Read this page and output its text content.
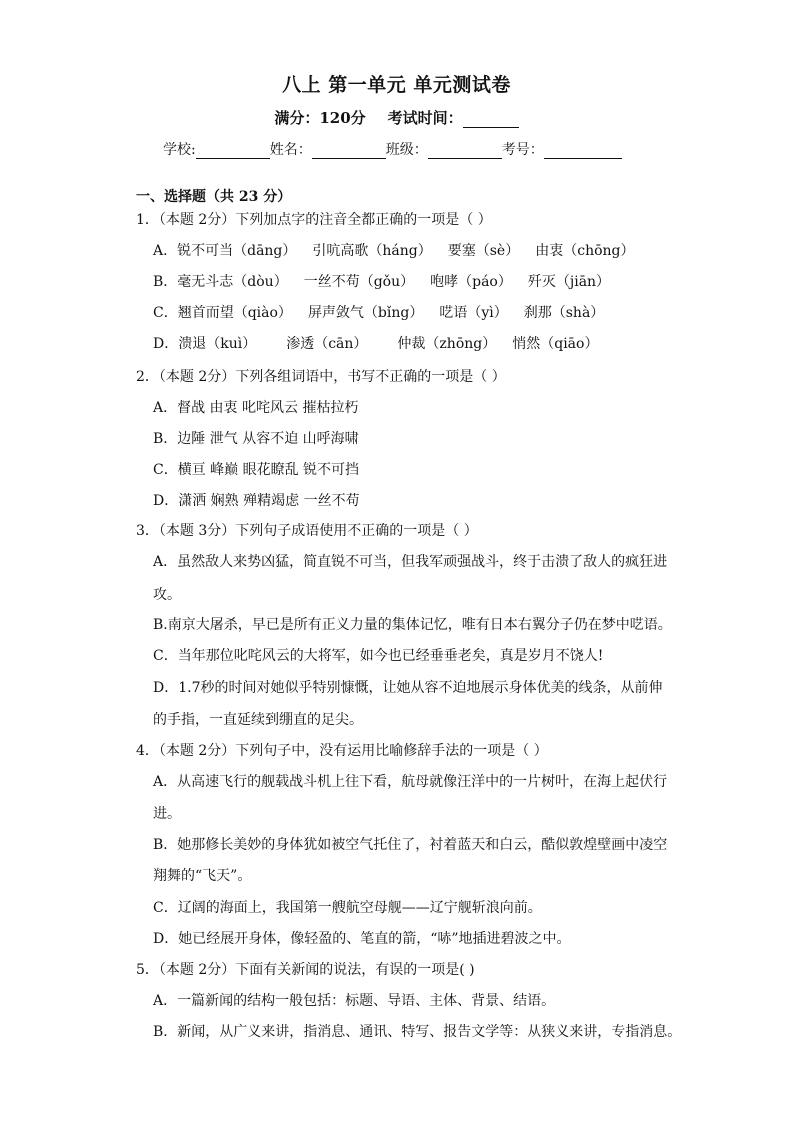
八上 第一单元 单元测试卷
满分：120分 考试时间：
学校:	姓名：	班级：	考号：
一、选择题（共 23 分）
1．（本题 2分）下列加点字的注音全都正确的一项是（ ）
A．锐不可当（dāng） 引吭高歌（háng） 要塞（sè） 由衷（chōng）
B．毫无斗志（dòu） 一丝不苟（gǒu） 咆哮（páo） 歼灭（jiān）
C．翘首而望（qiào） 屏声敛气（bǐng） 呓语（yì） 刹那（shà）
D．溃退（kuì） 渗透（cān） 仲裁（zhōng） 悄然（qiāo）
2．（本题 2分）下列各组词语中，书写不正确的一项是（ ）
A．督战 由衷 叱咤风云 摧枯拉朽
B．边陲 泄气 从容不迫 山呼海啸
C．横亘 峰巅 眼花瞭乱 锐不可挡
D．潇洒 娴熟 殚精竭虑 一丝不苟
3．（本题 3分）下列句子成语使用不正确的一项是（ ）
A．虽然敌人来势凶猛，简直锐不可当，但我军顽强战斗，终于击溃了敌人的疯狂进
攻。
B.南京大屠杀，早已是所有正义力量的集体记忆，唯有日本右翼分子仍在梦中呓语。
C．当年那位叱咤风云的大将军，如今也已经垂垂老矣，真是岁月不饶人!
D．1.7秒的时间对她似乎特别慷慨，让她从容不迫地展示身体优美的线条，从前伸
的手指，一直延续到绷直的足尖。
4．（本题 2分）下列句子中，没有运用比喻修辞手法的一项是（ ）
A．从高速飞行的舰载战斗机上往下看，航母就像汪洋中的一片树叶，在海上起伏行
进。
B．她那修长美妙的身体犹如被空气托住了，衬着蓝天和白云，酷似敦煌壁画中凌空
翔舞的“飞天”。
C．辽阔的海面上，我国第一艘航空母舰——辽宁舰斩浪向前。
D．她已经展开身体，像轻盈的、笔直的箭，“哧”地插进碧波之中。
5．（本题 2分）下面有关新闻的说法，有误的一项是( )
A．一篇新闻的结构一般包括：标题、导语、主体、背景、结语。
B．新闻，从广义来讲，指消息、通讯、特写、报告文学等：从狭义来讲，专指消息。
